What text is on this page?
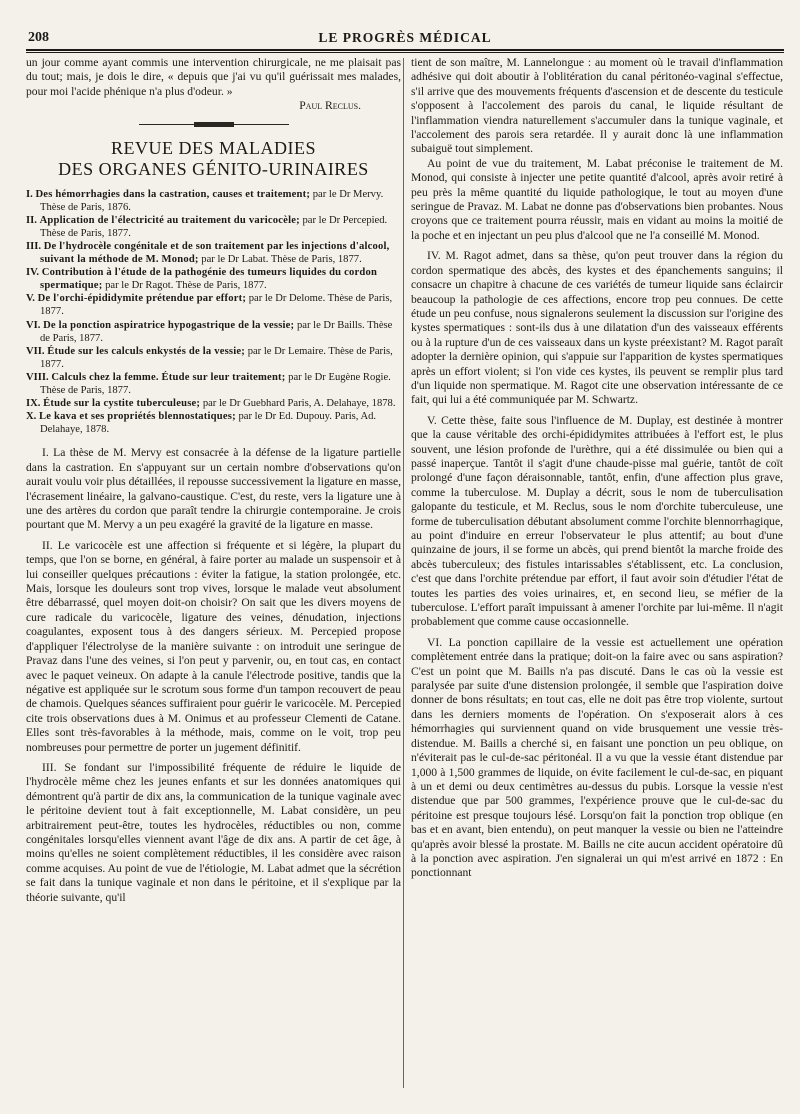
208	LE PROGRÈS MÉDICAL

un jour comme ayant commis une intervention chirurgicale, ne me plaisait pas du tout; mais, je dois le dire, « depuis que j'ai vu qu'il guérissait mes malades, pour moi l'acide phénique n'a plus d'odeur. »

Paul Reclus.

REVUE DES MALADIES
DES ORGANES GÉNITO-URINAIRES
I. Des hémorrhagies dans la castration, causes et traitement; par le Dr Mervy. Thèse de Paris, 1876.
II. Application de l'électricité au traitement du varicocèle; par le Dr Percepied. Thèse de Paris, 1877.
III. De l'hydrocèle congénitale et de son traitement par les injections d'alcool, suivant la méthode de M. Monod; par le Dr Labat. Thèse de Paris, 1877.
IV. Contribution à l'étude de la pathogénie des tumeurs liquides du cordon spermatique; par le Dr Ragot. Thèse de Paris, 1877.
V. De l'orchi-épididymite prétendue par effort; par le Dr Delome. Thèse de Paris, 1877.
VI. De la ponction aspiratrice hypogastrique de la vessie; par le Dr Baills. Thèse de Paris, 1877.
VII. Étude sur les calculs enkystés de la vessie; par le Dr Lemaire. Thèse de Paris, 1877.
VIII. Calculs chez la femme. Étude sur leur traitement; par le Dr Eugène Rogie. Thèse de Paris, 1877.
IX. Étude sur la cystite tuberculeuse; par le Dr Guebhard Paris, A. Delahaye, 1878.
X. Le kava et ses propriétés blennostatiques; par le Dr Ed. Dupouy. Paris, Ad. Delahaye, 1878.

I. La thèse de M. Mervy est consacrée à la défense de la ligature partielle dans la castration. En s'appuyant sur un certain nombre d'observations qu'on aurait voulu voir plus détaillées, il repousse successivement la ligature en masse, l'écrasement linéaire, la galvano-caustique. C'est, du reste, vers la ligature une à une des artères du cordon que paraît tendre la chirurgie contemporaine. Je crois pourtant que M. Mervy a un peu exagéré la gravité de la ligature en masse.

II. Le varicocèle est une affection si fréquente et si légère, la plupart du temps, que l'on se borne, en général, à faire porter au malade un suspensoir et à lui conseiller quelques précautions : éviter la fatigue, la station prolongée, etc. Mais, lorsque les douleurs sont trop vives, lorsque le malade veut absolument être débarrassé, quel moyen doit-on choisir? On sait que les divers moyens de cure radicale du varicocèle, ligature des veines, dénudation, injections coagulantes, exposent tous à des dangers sérieux. M. Percepied propose d'appliquer l'électrolyse de la manière suivante : on introduit une seringue de Pravaz dans l'une des veines, si l'on peut y parvenir, ou, en tout cas, en contact avec le paquet veineux. On adapte à la canule l'électrode positive, tandis que la négative est appliquée sur le scrotum sous forme d'un tampon recouvert de peau de chamois. Quelques séances suffiraient pour guérir le varicocèle. M. Percepied cite trois observations dues à M. Onimus et au professeur Clementi de Catane. Elles sont très-favorables à la méthode, mais, comme on le voit, trop peu nombreuses pour permettre de porter un jugement définitif.

III. Se fondant sur l'impossibilité fréquente de réduire le liquide de l'hydrocèle même chez les jeunes enfants et sur les données anatomiques qui démontrent qu'à partir de dix ans, la communication de la tunique vaginale avec le péritoine devient tout à fait exceptionnelle, M. Labat considère, un peu arbitrairement peut-être, toutes les hydrocèles, réductibles ou non, comme congénitales lorsqu'elles viennent avant l'âge de dix ans. A partir de cet âge, à moins qu'elles ne soient complètement réductibles, il les considère avec raison comme acquises. Au point de vue de l'étiologie, M. Labat admet que la sécrétion se fait dans la tunique vaginale et non dans le péritoine, et il s'explique par la théorie suivante, qu'il

tient de son maître, M. Lannelongue : au moment où le travail d'inflammation adhésive qui doit aboutir à l'oblitération du canal péritonéo-vaginal s'effectue, s'il arrive que des mouvements fréquents d'ascension et de descente du testicule s'opposent à l'accolement des parois du canal, le liquide résultant de l'inflammation viendra naturellement s'accumuler dans la tunique vaginale, et l'accolement des parois sera retardée. Il y aurait donc là une inflammation subaiguë tout simplement.

Au point de vue du traitement, M. Labat préconise le traitement de M. Monod, qui consiste à injecter une petite quantité d'alcool, après avoir retiré à peu près la même quantité du liquide pathologique, le tout au moyen d'une seringue de Pravaz. M. Labat ne donne pas d'observations bien probantes. Nous croyons que ce traitement pourra réussir, mais en vidant au moins la moitié de la poche et en injectant un peu plus d'alcool que ne l'a conseillé M. Monod.

IV. M. Ragot admet, dans sa thèse, qu'on peut trouver dans la région du cordon spermatique des abcès, des kystes et des épanchements sanguins; il consacre un chapitre à chacune de ces variétés de tumeur liquide sans éclaircir beaucoup la pathologie de ces affections, encore trop peu connues. De cette étude un peu confuse, nous signalerons seulement la discussion sur l'origine des kystes spermatiques : sont-ils dus à une dilatation d'un des vaisseaux efférents ou à la rupture d'un de ces vaisseaux dans un kyste préexistant? M. Ragot paraît adopter la dernière opinion, qui s'appuie sur l'apparition de kystes spermatiques après un effort violent; si l'on vide ces kystes, ils peuvent se remplir plus tard d'un liquide non spermatique. M. Ragot cite une observation intéressante de ce fait, qui lui a été communiquée par M. Schwartz.

V. Cette thèse, faite sous l'influence de M. Duplay, est destinée à montrer que la cause véritable des orchi-épididymites attribuées à l'effort est, le plus souvent, une lésion profonde de l'urèthre, qui a été dissimulée ou bien qui a passé inaperçue. Tantôt il s'agit d'une chaude-pisse mal guérie, tantôt de coït prolongé d'une façon déraisonnable, tantôt, enfin, d'une affection plus grave, comme la tuberculose. M. Duplay a décrit, sous le nom de tuberculisation galopante du testicule, et M. Reclus, sous le nom d'orchite tuberculeuse, une forme de tuberculisation débutant absolument comme l'orchite blennorrhagique, au point d'induire en erreur l'observateur le plus attentif; au bout d'une quinzaine de jours, il se forme un abcès, qui prend bientôt la marche froide des abcès tuberculeux; des fistules intarissables s'établissent, etc. La conclusion, c'est que dans l'orchite prétendue par effort, il faut avoir soin d'étudier l'état de toutes les parties des voies urinaires, et, en second lieu, se méfier de la tuberculose. L'effort paraît impuissant à amener l'orchite par lui-même. Il n'agit probablement que comme cause occasionnelle.

VI. La ponction capillaire de la vessie est actuellement une opération complètement entrée dans la pratique; doit-on la faire avec ou sans aspiration? C'est un point que M. Baills n'a pas discuté. Dans le cas où la vessie est paralysée par suite d'une distension prolongée, il semble que l'aspiration doive donner de bons résultats; en tout cas, elle ne doit pas être trop violente, surtout dans les derniers moments de l'opération. On s'exposerait alors à ces hémorrhagies qui surviennent quand on vide brusquement une vessie très-distendue. M. Baills a cherché si, en faisant une ponction un peu oblique, on n'éviterait pas le cul-de-sac péritonéal. Il a vu que la vessie étant distendue par 1,000 à 1,500 grammes de liquide, on évite facilement le cul-de-sac, en piquant à un et demi ou deux centimètres au-dessus du pubis. Lorsque la vessie n'est distendue que par 500 grammes, l'expérience prouve que le cul-de-sac du péritoine est presque toujours lésé. Lorsqu'on fait la ponction trop oblique (en bas et en avant, bien entendu), on peut manquer la vessie ou bien ne l'atteindre qu'après avoir blessé la prostate. M. Baills ne cite aucun accident opératoire dû à la ponction avec aspiration. J'en signalerai un qui m'est arrivé en 1872 : En ponctionnant
